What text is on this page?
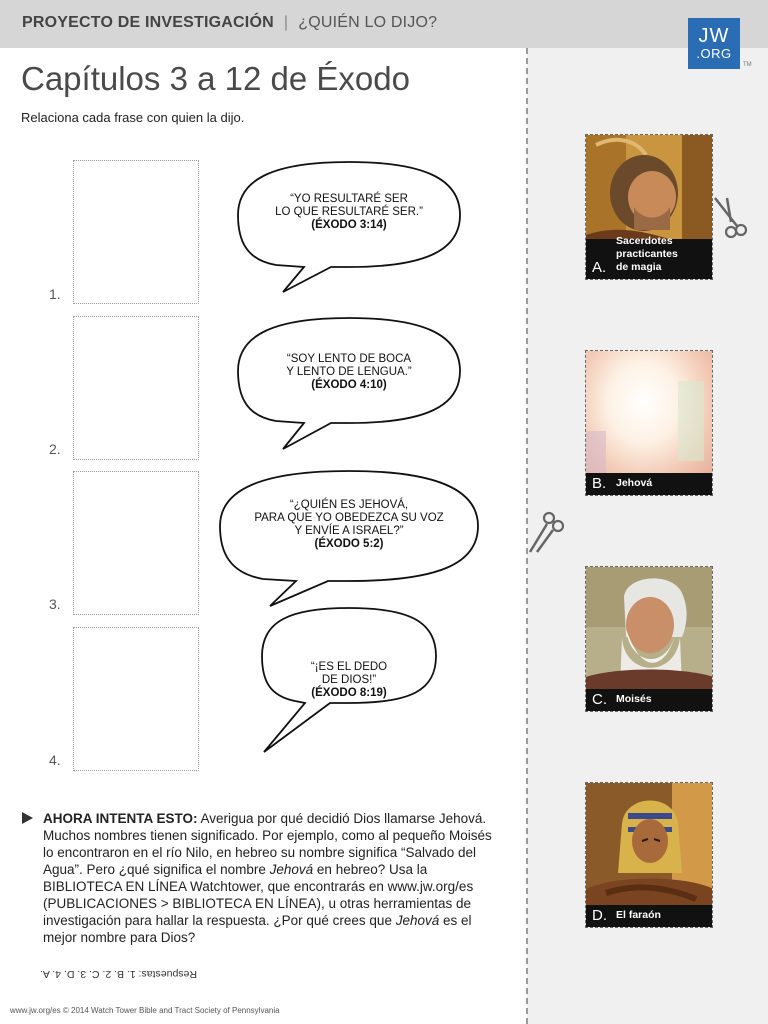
PROYECTO DE INVESTIGACIÓN | ¿QUIÉN LO DIJO?
JW
.ORG
TM
Capítulos 3 a 12 de Éxodo
Relaciona cada frase con quien la dijo.
1.
2.
3.
4.
“YO RESULTARÉ SER
LO QUE RESULTARÉ SER.”
(ÉXODO 3:14)
“SOY LENTO DE BOCA
Y LENTO DE LENGUA.”
(ÉXODO 4:10)
“¿QUIÉN ES JEHOVÁ,
PARA QUE YO OBEDEZCA SU VOZ
Y ENVÍE A ISRAEL?”
(ÉXODO 5:2)
“¡ES EL DEDO
DE DIOS!”
(ÉXODO 8:19)
A.
Sacerdotes
practicantes
de magia
B. Jehová
C. Moisés
D. El faraón

AHORA INTENTA ESTO: Averigua por qué decidió Dios llamarse Jehová. Muchos nombres tienen significado. Por ejemplo, como al pequeño Moisés lo encontraron en el río Nilo, en hebreo su nombre significa “Salvado del Agua”. Pero ¿qué significa el nombre Jehová en hebreo? Usa la BIBLIOTECA EN LÍNEA Watchtower, que encontrarás en www.jw.org/es (PUBLICACIONES > BIBLIOTECA EN LÍNEA), u otras herramientas de investigación para hallar la respuesta. ¿Por qué crees que Jehová es el mejor nombre para Dios?

Respuestas: 1. B. 2. C. 3. D. 4. A.
www.jw.org/es © 2014 Watch Tower Bible and Tract Society of Pennsylvania
